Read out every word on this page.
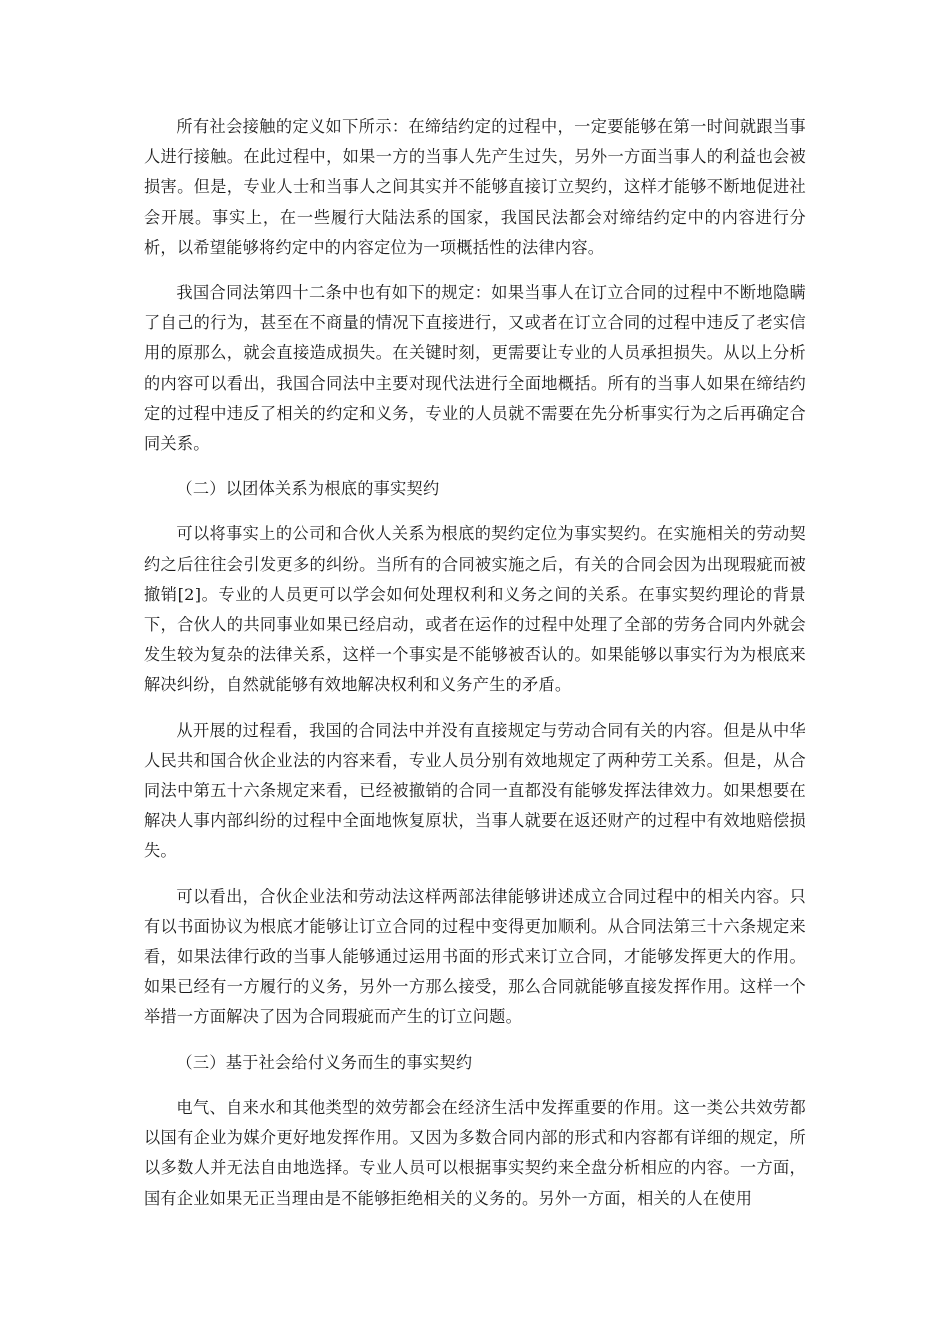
所有社会接触的定义如下所示：在缔结约定的过程中，一定要能够在第一时间就跟当事人进行接触。在此过程中，如果一方的当事人先产生过失，另外一方面当事人的利益也会被损害。但是，专业人士和当事人之间其实并不能够直接订立契约，这样才能够不断地促进社会开展。事实上，在一些履行大陆法系的国家，我国民法都会对缔结约定中的内容进行分析，以希望能够将约定中的内容定位为一项概括性的法律内容。

我国合同法第四十二条中也有如下的规定：如果当事人在订立合同的过程中不断地隐瞒了自己的行为，甚至在不商量的情况下直接进行，又或者在订立合同的过程中违反了老实信用的原那么，就会直接造成损失。在关键时刻，更需要让专业的人员承担损失。从以上分析的内容可以看出，我国合同法中主要对现代法进行全面地概括。所有的当事人如果在缔结约定的过程中违反了相关的约定和义务，专业的人员就不需要在先分析事实行为之后再确定合同关系。

（二）以团体关系为根底的事实契约

可以将事实上的公司和合伙人关系为根底的契约定位为事实契约。在实施相关的劳动契约之后往往会引发更多的纠纷。当所有的合同被实施之后，有关的合同会因为出现瑕疵而被撤销[2]。专业的人员更可以学会如何处理权利和义务之间的关系。在事实契约理论的背景下，合伙人的共同事业如果已经启动，或者在运作的过程中处理了全部的劳务合同内外就会发生较为复杂的法律关系，这样一个事实是不能够被否认的。如果能够以事实行为为根底来解决纠纷，自然就能够有效地解决权利和义务产生的矛盾。

从开展的过程看，我国的合同法中并没有直接规定与劳动合同有关的内容。但是从中华人民共和国合伙企业法的内容来看，专业人员分别有效地规定了两种劳工关系。但是，从合同法中第五十六条规定来看，已经被撤销的合同一直都没有能够发挥法律效力。如果想要在解决人事内部纠纷的过程中全面地恢复原状，当事人就要在返还财产的过程中有效地赔偿损失。

可以看出，合伙企业法和劳动法这样两部法律能够讲述成立合同过程中的相关内容。只有以书面协议为根底才能够让订立合同的过程中变得更加顺利。从合同法第三十六条规定来看，如果法律行政的当事人能够通过运用书面的形式来订立合同，才能够发挥更大的作用。如果已经有一方履行的义务，另外一方那么接受，那么合同就能够直接发挥作用。这样一个举措一方面解决了因为合同瑕疵而产生的订立问题。

（三）基于社会给付义务而生的事实契约

电气、自来水和其他类型的效劳都会在经济生活中发挥重要的作用。这一类公共效劳都以国有企业为媒介更好地发挥作用。又因为多数合同内部的形式和内容都有详细的规定，所以多数人并无法自由地选择。专业人员可以根据事实契约来全盘分析相应的内容。一方面，国有企业如果无正当理由是不能够拒绝相关的义务的。另外一方面，相关的人在使用
